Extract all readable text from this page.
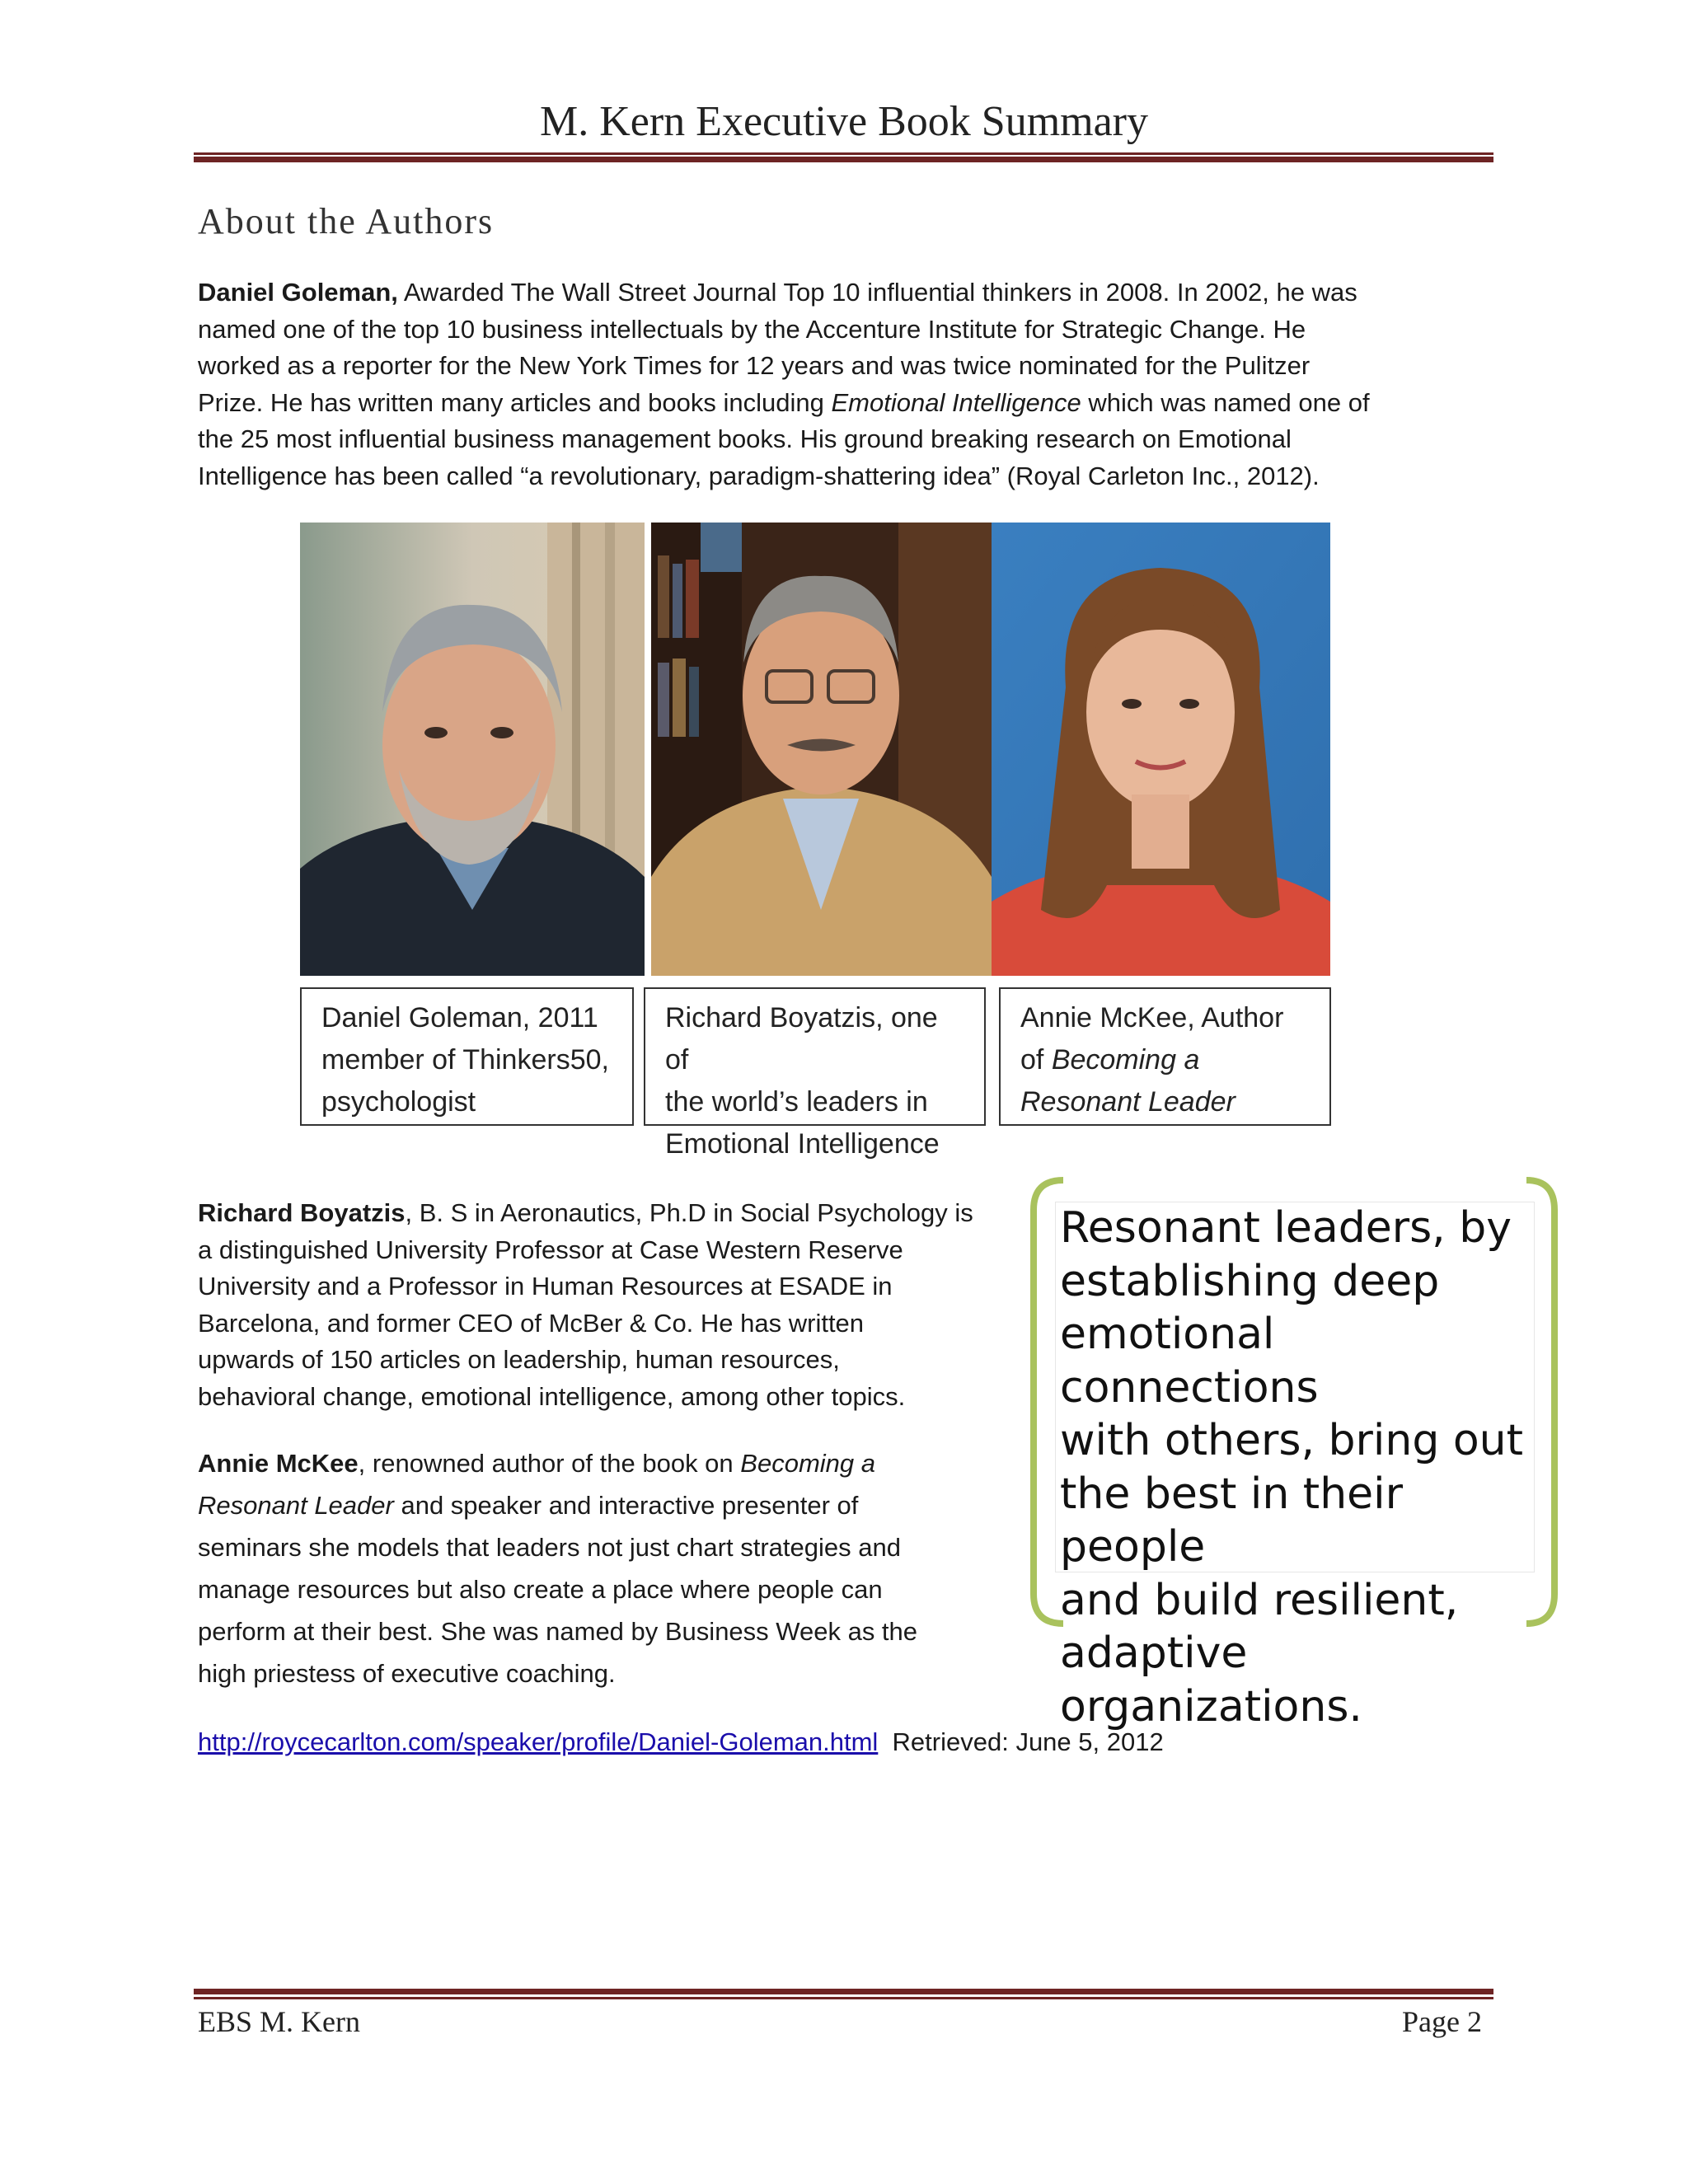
M. Kern Executive Book Summary
About the Authors
Daniel Goleman, Awarded The Wall Street Journal Top 10 influential thinkers in 2008. In 2002, he was
named one of the top 10 business intellectuals by the Accenture Institute for Strategic Change. He
worked as a reporter for the New York Times for 12 years and was twice nominated for the Pulitzer
Prize. He has written many articles and books including Emotional Intelligence which was named one of
the 25 most influential business management books. His ground breaking research on Emotional
Intelligence has been called “a revolutionary, paradigm-shattering idea” (Royal Carleton Inc., 2012).
Daniel Goleman, 2011
member of Thinkers50,
psychologist
Richard Boyatzis, one of
the world’s leaders in
Emotional Intelligence
Annie McKee, Author
of Becoming a
Resonant Leader
Richard Boyatzis, B. S in Aeronautics, Ph.D in Social Psychology is
a distinguished University Professor at Case Western Reserve
University and a Professor in Human Resources at ESADE in
Barcelona, and former CEO of McBer & Co. He has written
upwards of 150 articles on leadership, human resources,
behavioral change, emotional intelligence, among other topics.
Annie McKee, renowned author of the book on Becoming a
Resonant Leader and speaker and interactive presenter of
seminars she models that leaders not just chart strategies and
manage resources but also create a place where people can
perform at their best. She was named by Business Week as the
high priestess of executive coaching.
Resonant leaders, by
establishing deep
emotional connections
with others, bring out
the best in their people
and build resilient,
adaptive organizations.
http://roycecarlton.com/speaker/profile/Daniel-Goleman.html Retrieved: June 5, 2012
EBS M. Kern	Page 2
